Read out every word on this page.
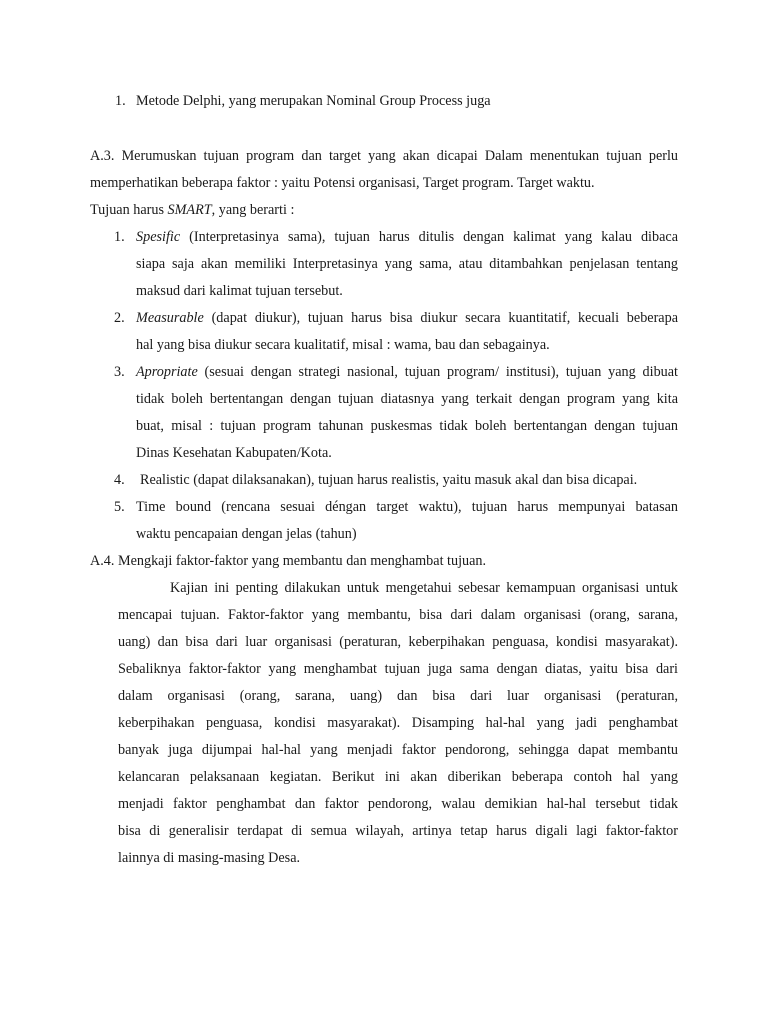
1. Metode Delphi, yang merupakan Nominal Group Process juga
A.3. Merumuskan tujuan program dan target yang akan dicapai Dalam menentukan tujuan perlu
memperhatikan beberapa faktor : yaitu Potensi organisasi, Target program. Target waktu.
Tujuan harus SMART, yang berarti :
1. Spesific (Interpretasinya sama), tujuan harus ditulis dengan kalimat yang kalau dibaca
siapa saja akan memiliki Interpretasinya yang sama, atau ditambahkan penjelasan tentang
maksud dari kalimat tujuan tersebut.
2. Measurable (dapat diukur), tujuan harus bisa diukur secara kuantitatif, kecuali beberapa
hal yang bisa diukur secara kualitatif, misal : wama, bau dan sebagainya.
3. Apropriate (sesuai dengan strategi nasional, tujuan program/ institusi), tujuan yang dibuat
tidak boleh bertentangan dengan tujuan diatasnya yang terkait dengan program yang kita
buat, misal : tujuan program tahunan puskesmas tidak boleh bertentangan dengan tujuan
Dinas Kesehatan Kabupaten/Kota.
4. Realistic (dapat dilaksanakan), tujuan harus realistis, yaitu masuk akal dan bisa dicapai.
5. Time bound (rencana sesuai déngan target waktu), tujuan harus mempunyai batasan
waktu pencapaian dengan jelas (tahun)
A.4. Mengkaji faktor-faktor yang membantu dan menghambat tujuan.
Kajian ini penting dilakukan untuk mengetahui sebesar kemampuan organisasi untuk
mencapai tujuan. Faktor-faktor yang membantu, bisa dari dalam organisasi (orang, sarana,
uang) dan bisa dari luar organisasi (peraturan, keberpihakan penguasa, kondisi masyarakat).
Sebaliknya faktor-faktor yang menghambat tujuan juga sama dengan diatas, yaitu bisa dari
dalam organisasi (orang, sarana, uang) dan bisa dari luar organisasi (peraturan,
keberpihakan penguasa, kondisi masyarakat). Disamping hal-hal yang jadi penghambat
banyak juga dijumpai hal-hal yang menjadi faktor pendorong, sehingga dapat membantu
kelancaran pelaksanaan kegiatan. Berikut ini akan diberikan beberapa contoh hal yang
menjadi faktor penghambat dan faktor pendorong, walau demikian hal-hal tersebut tidak
bisa di generalisir terdapat di semua wilayah, artinya tetap harus digali lagi faktor-faktor
lainnya di masing-masing Desa.
